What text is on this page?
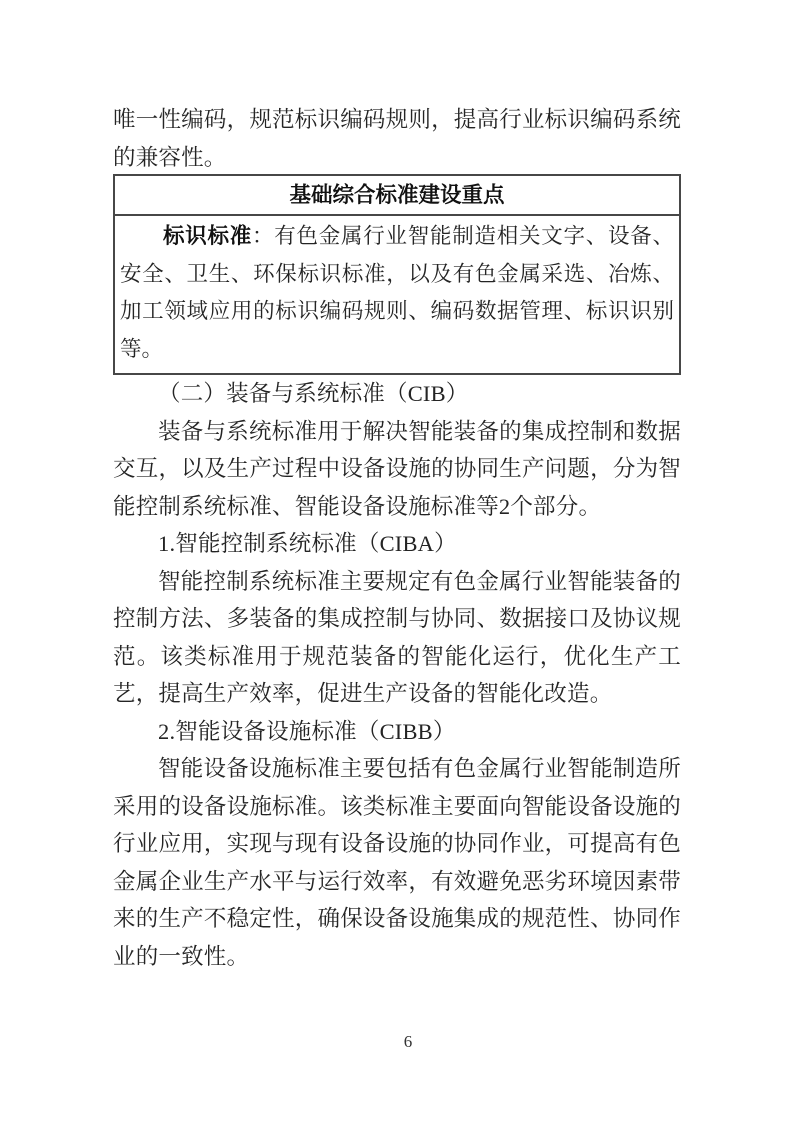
唯一性编码，规范标识编码规则，提高行业标识编码系统的兼容性。

基础综合标准建设重点

标识标准：有色金属行业智能制造相关文字、设备、安全、卫生、环保标识标准，以及有色金属采选、冶炼、加工领域应用的标识编码规则、编码数据管理、标识识别等。

（二）装备与系统标准（CIB）

装备与系统标准用于解决智能装备的集成控制和数据交互，以及生产过程中设备设施的协同生产问题，分为智能控制系统标准、智能设备设施标准等2个部分。

1.智能控制系统标准（CIBA）

智能控制系统标准主要规定有色金属行业智能装备的控制方法、多装备的集成控制与协同、数据接口及协议规范。该类标准用于规范装备的智能化运行，优化生产工艺，提高生产效率，促进生产设备的智能化改造。

2.智能设备设施标准（CIBB）

智能设备设施标准主要包括有色金属行业智能制造所采用的设备设施标准。该类标准主要面向智能设备设施的行业应用，实现与现有设备设施的协同作业，可提高有色金属企业生产水平与运行效率，有效避免恶劣环境因素带来的生产不稳定性，确保设备设施集成的规范性、协同作业的一致性。

6
